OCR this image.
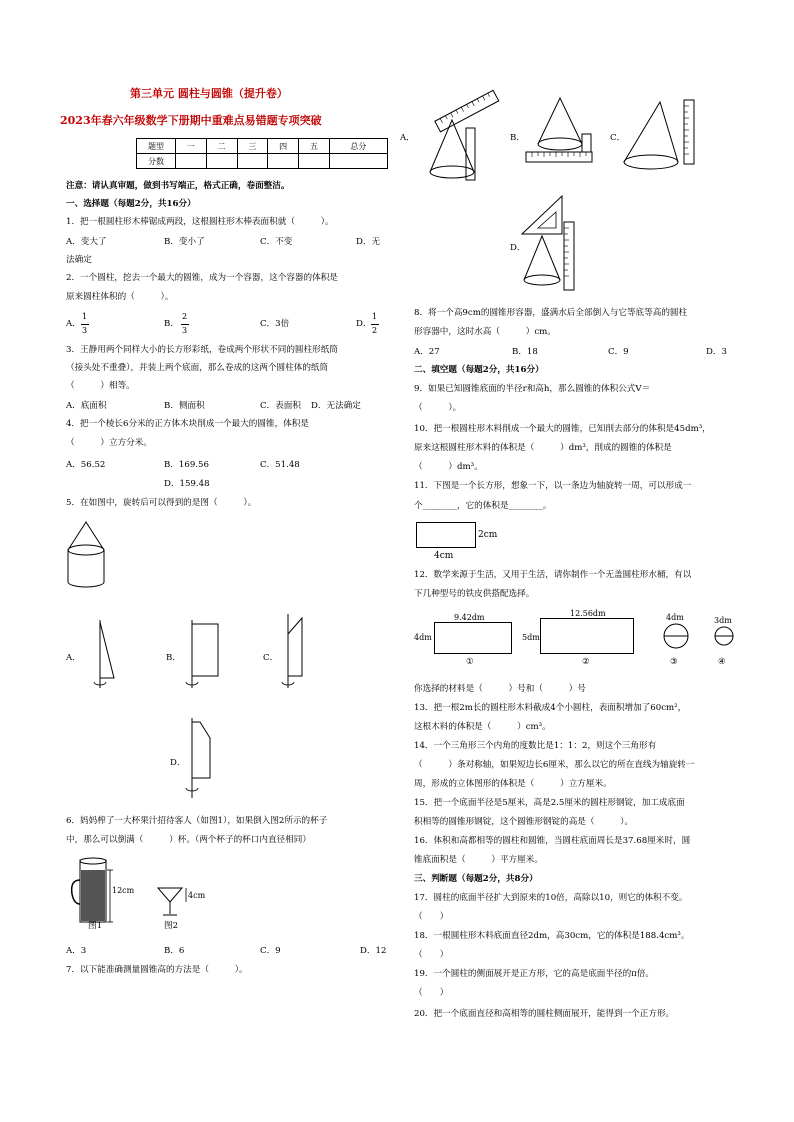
第三单元 圆柱与圆锥（提升卷）
2023年春六年级数学下册期中重难点易错题专项突破
题型	一	二	三	四	五	总分
分数						
注意：请认真审题，做到书写端正，格式正确，卷面整洁。
一、选择题（每题2分，共16分）
1．把一根圆柱形木棒锯成两段，这根圆柱形木棒表面积就（　　　）。
A．变大了	B．变小了	C．不变	D．无
法确定
2．一个圆柱，挖去一个最大的圆锥，成为一个容器，这个容器的体积是
原来圆柱体积的（　　　）。
A．
1
3
B．
2
3
C．3倍	D．
1
2
3．王静用两个同样大小的长方形彩纸，卷成两个形状不同的圆柱形纸筒
（接头处不重叠），并装上两个底面，那么卷成的这两个圆柱体的纸筒
（　　　）相等。
A．底面积	B．侧面积	C．表面积 D．无法确定
4．把一个棱长6分米的正方体木块削成一个最大的圆锥，体积是
（　　　）立方分米。
A．56.52	B．169.56	C．51.48
D．159.48
5．在如图中，旋转后可以得到的是图（　　　）。
A．	B．	C．
D．
6．妈妈榨了一大杯果汁招待客人（如图1），如果倒入图2所示的杯子
中，那么可以倒满（　　　）杯。（两个杯子的杯口内直径相同）
12cm
图1
4cm
图2
A．3	B．6	C．9	D．12
7．以下能准确测量圆锥高的方法是（　　　）。
A．	B．	C．
D．
8．将一个高9cm的圆锥形容器，盛满水后全部倒入与它等底等高的圆柱
形容器中，这时水高（　　　）cm。
A．27	B．18	C．9	D．3
二、填空题（每题2分，共16分）
9．如果已知圆锥底面的半径r和高h，那么圆锥的体积公式V＝
（　　　）。
10．把一根圆柱形木料削成一个最大的圆锥，已知削去部分的体积是45dm³，
原来这根圆柱形木料的体积是（　　　）dm³，削成的圆锥的体积是
（　　　）dm³。
11．下图是一个长方形，想象一下，以一条边为轴旋转一周，可以形成一
个________，它的体积是________。
2cm
4cm
12．数学来源于生活，又用于生活，请你制作一个无盖圆柱形水桶，有以
下几种型号的铁皮供搭配选择。
9.42dm
4dm
①
12.56dm
5dm
②
4dm
③
3dm
④
你选择的材料是（　　　）号和（　　　）号
13．把一根2m长的圆柱形木料截成4个小圆柱，表面积增加了60cm²，
这根木料的体积是（　　　）cm³。
14．一个三角形三个内角的度数比是1：1：2，则这个三角形有
（　　　）条对称轴，如果短边长6厘米，那么以它的所在直线为轴旋转一
周，形成的立体图形的体积是（　　　）立方厘米。
15．把一个底面半径是5厘米，高是2.5厘米的圆柱形钢锭，加工成底面
积相等的圆锥形钢锭，这个圆锥形钢锭的高是（　　　）。
16．体积和高都相等的圆柱和圆锥，当圆柱底面周长是37.68厘米时，圆
锥底面积是（　　　）平方厘米。
三、判断题（每题2分，共8分）
17．圆柱的底面半径扩大到原来的10倍，高除以10，则它的体积不变。
（　　）
18．一根圆柱形木料底面直径2dm，高30cm，它的体积是188.4cm³。
（　　）
19．一个圆柱的侧面展开是正方形，它的高是底面半径的π倍。
（　　）
20．把一个底面直径和高相等的圆柱侧面展开，能得到一个正方形。
